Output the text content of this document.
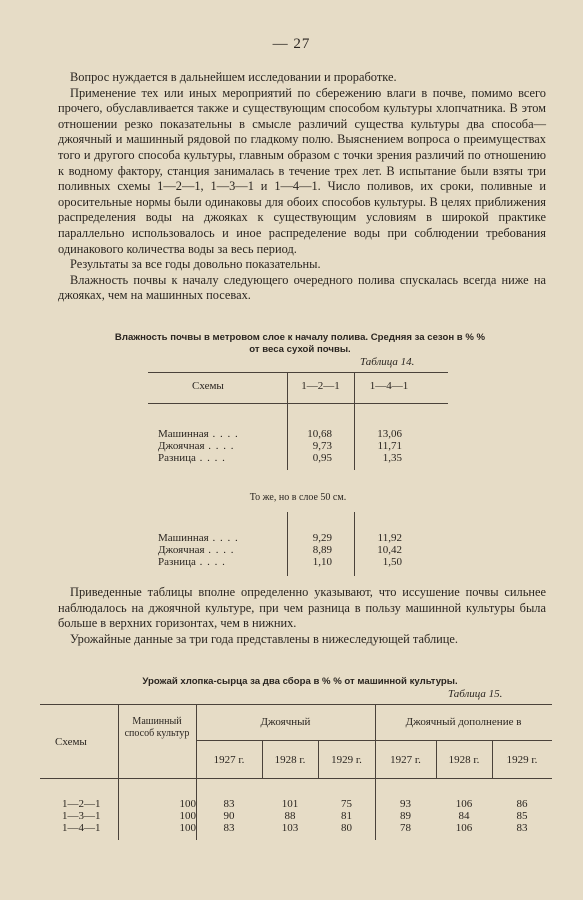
— 27

Вопрос нуждается в дальнейшем исследовании и проработке.

Применение тех или иных мероприятий по сбережению влаги в почве, помимо всего прочего, обуславливается также и существующим способом культуры хлопчатника. В этом отношении резко показательны в смысле различий существа культуры два способа—джоячный и машинный рядовой по гладкому полю. Выяснением вопроса о преимуществах того и другого способа культуры, главным образом с точки зрения различий по отношению к водному фактору, станция занималась в течение трех лет. В испытание были взяты три поливных схемы 1—2—1, 1—3—1 и 1—4—1. Число поливов, их сроки, поливные и оросительные нормы были одинаковы для обоих способов культуры. В целях приближения распределения воды на джояках к существующим условиям в широкой практике параллельно использовалось и иное распределение воды при соблюдении требования одинакового количества воды за весь период.

Результаты за все годы довольно показательны.

Влажность почвы к началу следующего очередного полива спускалась всегда ниже на джояках, чем на машинных посевах.

Влажность почвы в метровом слое к началу полива. Средняя за сезон в % %
от веса сухой почвы.
Таблица 14.
Схемы	1—2—1	1—4—1
Машинная . . . .	10,68	13,06
Джоячная . . . .	9,73	11,71
Разница . . . .	0,95	1,35
То же, но в слое 50 см.
Машинная . . . .	9,29	11,92
Джоячная . . . .	8,89	10,42
Разница . . . .	1,10	1,50

Приведенные таблицы вполне определенно указывают, что иссушение почвы сильнее наблюдалось на джоячной культуре, при чем разница в пользу машинной культуры была больше в верхних горизонтах, чем в нижних.

Урожайные данные за три года представлены в нижеследующей таблице.

Урожай хлопка-сырца за два сбора в % % от машинной культуры.
Таблица 15.
Схемы
Машинный способ культур
Джоячный	Джоячный дополнение в
1927 г.	1928 г.	1929 г.	1927 г.	1928 г.	1929 г.
1—2—1	100	83	101	75	93	106	86
1—3—1	100	90	88	81	89	84	85
1—4—1	100	83	103	80	78	106	83
